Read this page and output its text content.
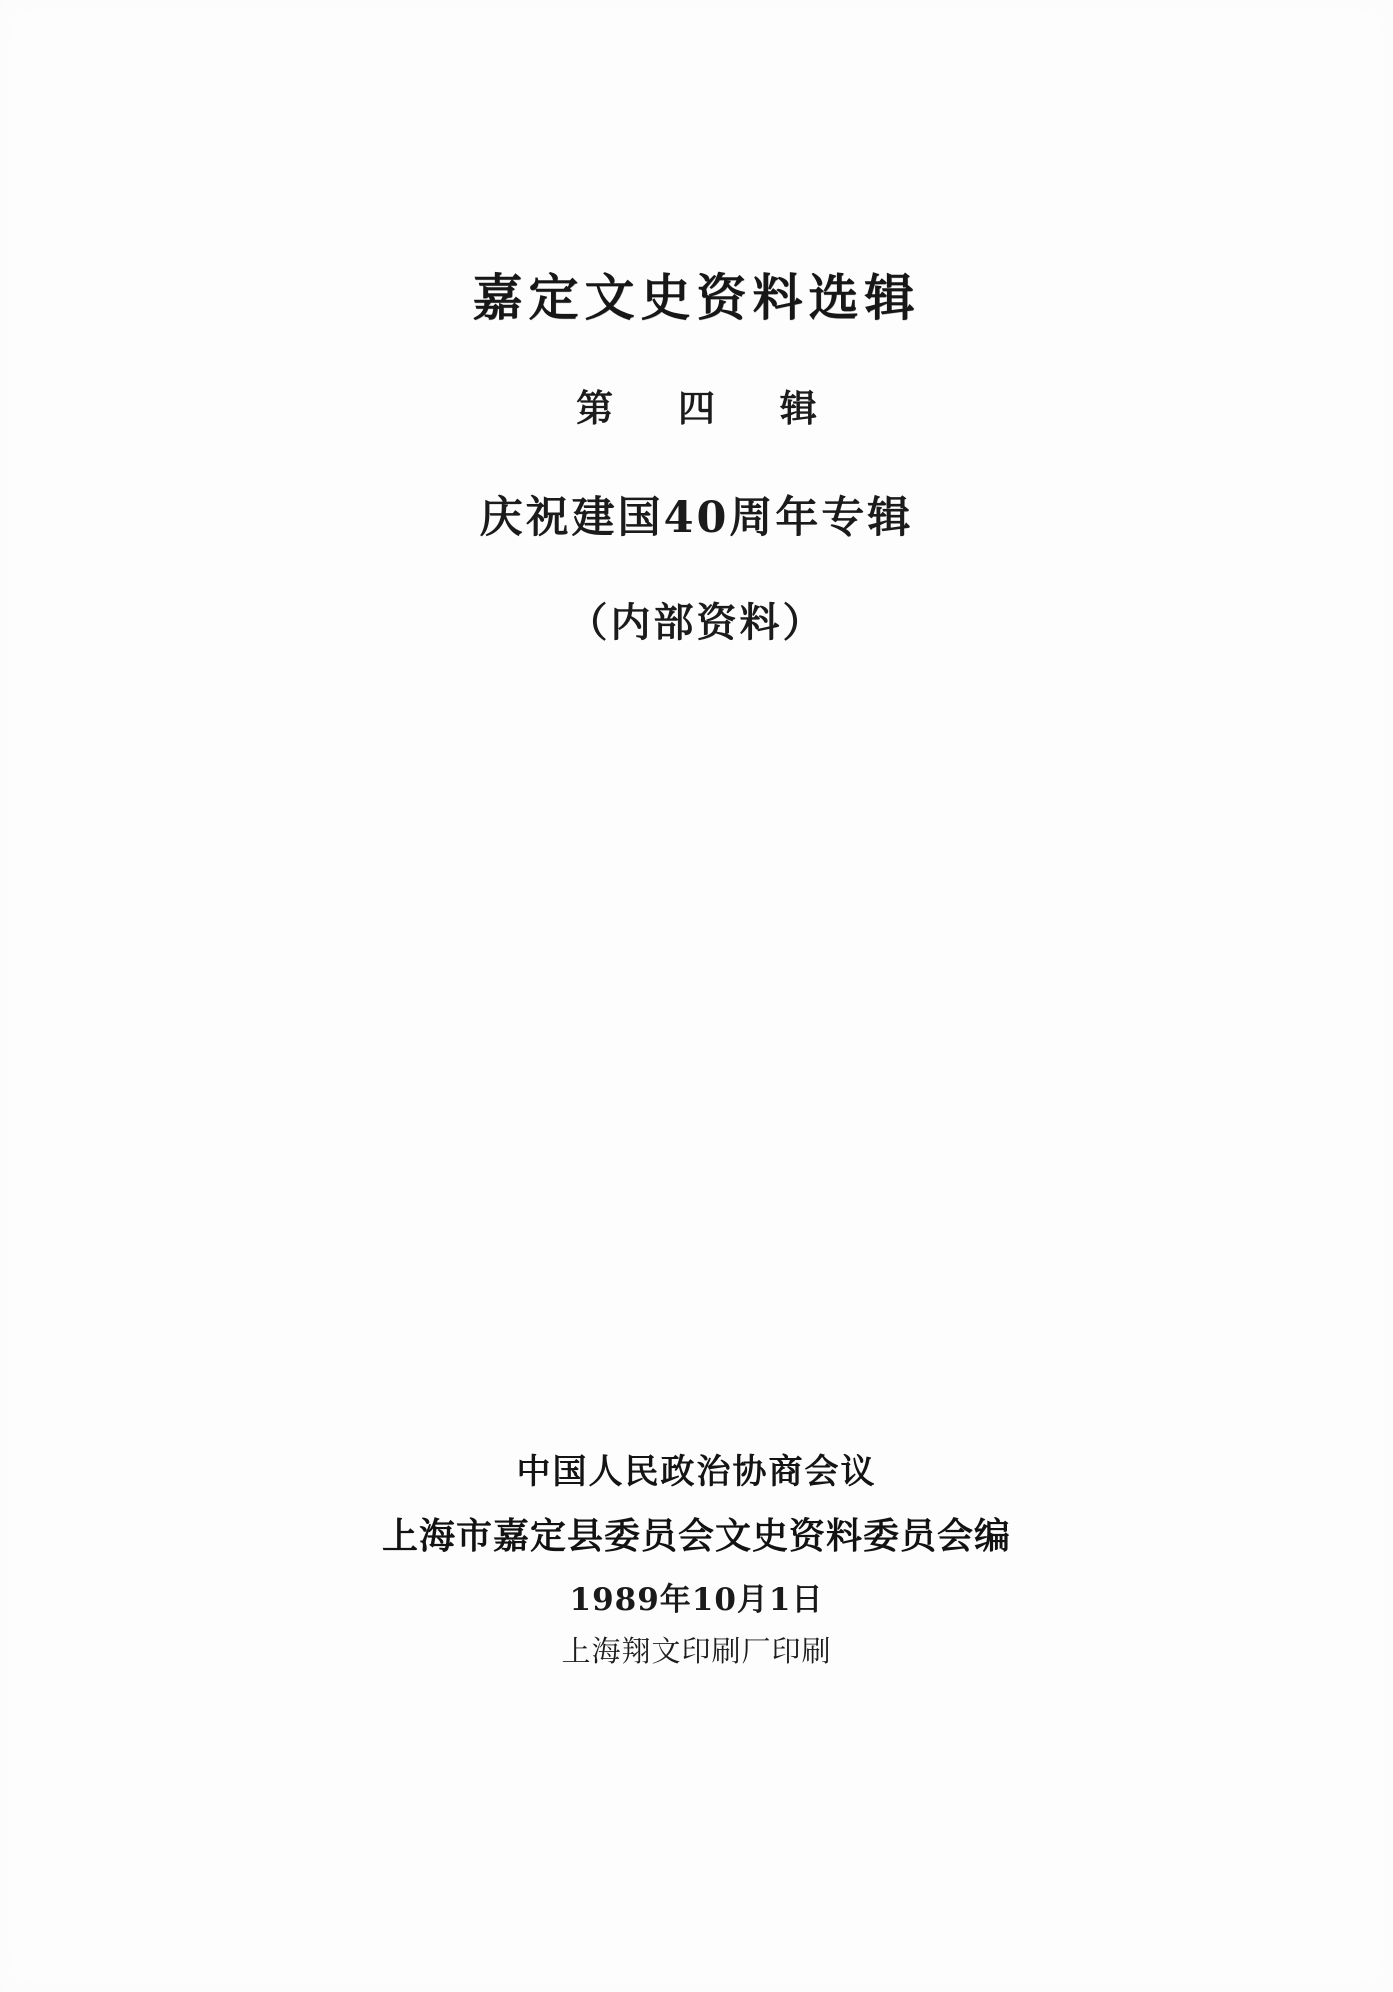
嘉定文史资料选辑
第 四 辑
庆祝建国40周年专辑
（内部资料）
中国人民政治协商会议
上海市嘉定县委员会文史资料委员会编
1989年10月1日
上海翔文印刷厂印刷
